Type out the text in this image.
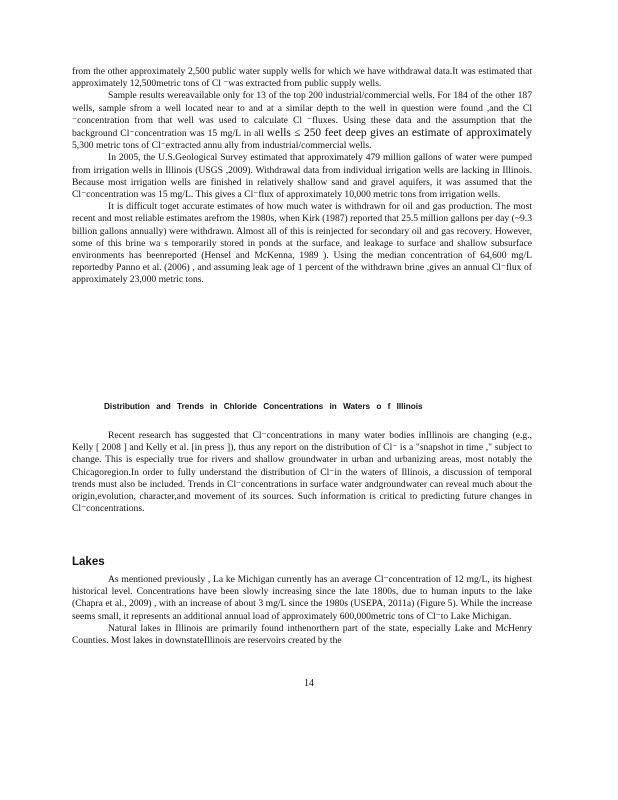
from the other approximately 2,500 public water supply wells for which we have withdrawal data.It was estimated that approximately 12,500metric tons of Cl ⁻was extracted from public supply wells.

Sample results wereavailable only for 13 of the top 200 industrial/commercial wells. For 184 of the other 187 wells, sample sfrom a well located near to and at a similar depth to the well in question were found ,and the Cl ⁻concentration from that well was used to calculate Cl ⁻fluxes. Using these data and the assumption that the background Cl⁻concentration was 15 mg/L in all wells ≤ 250 feet deep gives an estimate of approximately 5,300 metric tons of Cl⁻extracted annu ally from industrial/commercial wells.

In 2005, the U.S.Geological Survey estimated that approximately 479 million gallons of water were pumped from irrigation wells in Illinois (USGS ,2009). Withdrawal data from individual irrigation wells are lacking in Illinois. Because most irrigation wells are finished in relatively shallow sand and gravel aquifers, it was assumed that the Cl⁻concentration was 15 mg/L. This gives a Cl⁻flux of approximately 10,000 metric tons from irrigation wells.

It is difficult toget accurate estimates of how much water is withdrawn for oil and gas production. The most recent and most reliable estimates arefrom the 1980s, when Kirk (1987) reported that 25.5 million gallons per day (~9.3 billion gallons annually) were withdrawn. Almost all of this is reinjected for secondary oil and gas recovery. However, some of this brine wa s temporarily stored in ponds at the surface, and leakage to surface and shallow subsurface environments has beenreported (Hensel and McKenna, 1989 ). Using the median concentration of 64,600 mg/L reportedby Panno et al. (2006) , and assuming leak age of 1 percent of the withdrawn brine ,gives an annual Cl⁻flux of approximately 23,000 metric tons.

Distribution and Trends in Chloride Concentrations in Waters o f Illinois

Recent research has suggested that Cl⁻concentrations in many water bodies inIllinois are changing (e.g., Kelly [ 2008 ] and Kelly et al. [in press ]), thus any report on the distribution of Cl⁻ is a "snapshot in time ," subject to change. This is especially true for rivers and shallow groundwater in urban and urbanizing areas, most notably the Chicagoregion.In order to fully understand the distribution of Cl⁻in the waters of Illinois, a discussion of temporal trends must also be included. Trends in Cl⁻concentrations in surface water andgroundwater can reveal much about the origin,evolution, character,and movement of its sources. Such information is critical to predicting future changes in Cl⁻concentrations.

Lakes

As mentioned previously , La ke Michigan currently has an average Cl⁻concentration of 12 mg/L, its highest historical level. Concentrations have been slowly increasing since the late 1800s, due to human inputs to the lake (Chapra et al., 2009) , with an increase of about 3 mg/L since the 1980s (USEPA, 2011a) (Figure 5). While the increase seems small, it represents an additional annual load of approximately 600,000metric tons of Cl⁻to Lake Michigan.

Natural lakes in Illinois are primarily found inthenorthern part of the state, especially Lake and McHenry Counties. Most lakes in downstateIllinois are reservoirs created by the

14
